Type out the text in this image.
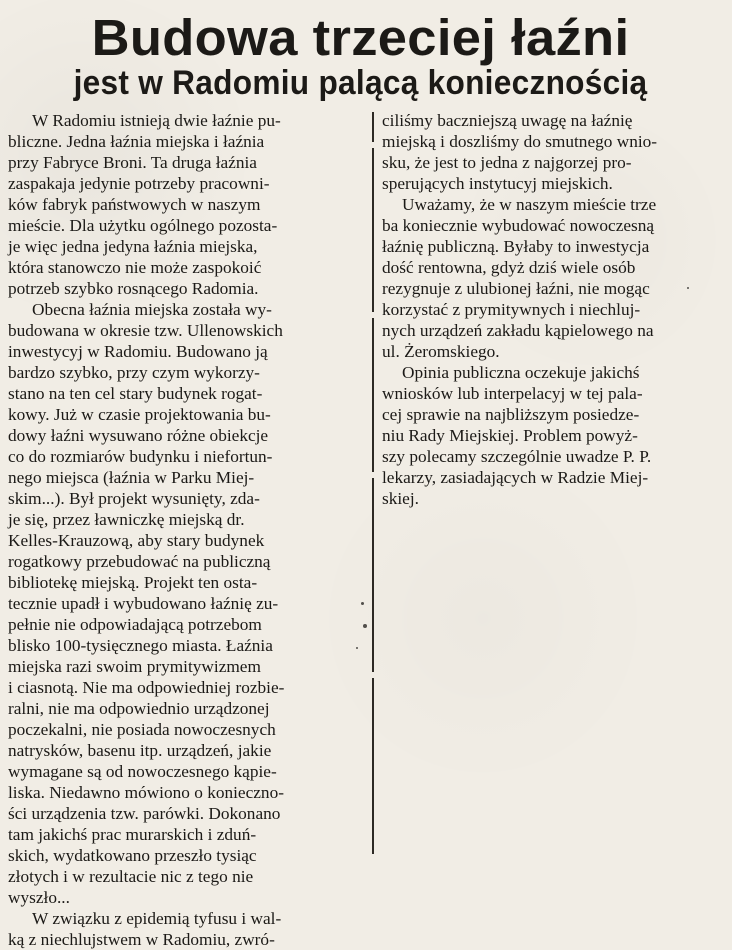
Budowa trzeciej łaźni
jest w Radomiu palącą koniecznością
W Radomiu istnieją dwie łaźnie pu-
bliczne. Jedna łaźnia miejska i łaźnia
przy Fabryce Broni. Ta druga łaźnia
zaspakaja jedynie potrzeby pracowni-
ków fabryk państwowych w naszym
mieście. Dla użytku ogólnego pozosta-
je więc jedna jedyna łaźnia miejska,
która stanowczo nie może zaspokoić
potrzeb szybko rosnącego Radomia.
Obecna łaźnia miejska została wy-
budowana w okresie tzw. Ullenowskich
inwestycyj w Radomiu. Budowano ją
bardzo szybko, przy czym wykorzy-
stano na ten cel stary budynek rogat-
kowy. Już w czasie projektowania bu-
dowy łaźni wysuwano różne obiekcje
co do rozmiarów budynku i niefortun-
nego miejsca (łaźnia w Parku Miej-
skim...). Był projekt wysunięty, zda-
je się, przez ławniczkę miejską dr.
Kelles-Krauzową, aby stary budynek
rogatkowy przebudować na publiczną
bibliotekę miejską. Projekt ten osta-
tecznie upadł i wybudowano łaźnię zu-
pełnie nie odpowiadającą potrzebom
blisko 100-tysięcznego miasta. Łaźnia
miejska razi swoim prymitywizmem
i ciasnotą. Nie ma odpowiedniej rozbie-
ralni, nie ma odpowiednio urządzonej
poczekalni, nie posiada nowoczesnych
natrysków, basenu itp. urządzeń, jakie
wymagane są od nowoczesnego kąpie-
liska. Niedawno mówiono o konieczno-
ści urządzenia tzw. parówki. Dokonano
tam jakichś prac murarskich i zduń-
skich, wydatkowano przeszło tysiąc
złotych i w rezultacie nic z tego nie
wyszło...
W związku z epidemią tyfusu i wal-
ką z niechlujstwem w Radomiu, zwró-
ciliśmy baczniejszą uwagę na łaźnię
miejską i doszliśmy do smutnego wnio-
sku, że jest to jedna z najgorzej pro-
sperujących instytucyj miejskich.
Uważamy, że w naszym mieście trze
ba koniecznie wybudować nowoczesną
łaźnię publiczną. Byłaby to inwestycja
dość rentowna, gdyż dziś wiele osób
rezygnuje z ulubionej łaźni, nie mogąc
korzystać z prymitywnych i niechluj-
nych urządzeń zakładu kąpielowego na
ul. Żeromskiego.
Opinia publiczna oczekuje jakichś
wniosków lub interpelacyj w tej pala-
cej sprawie na najbliższym posiedze-
niu Rady Miejskiej. Problem powyż-
szy polecamy szczególnie uwadze P. P.
lekarzy, zasiadających w Radzie Miej-
skiej.
